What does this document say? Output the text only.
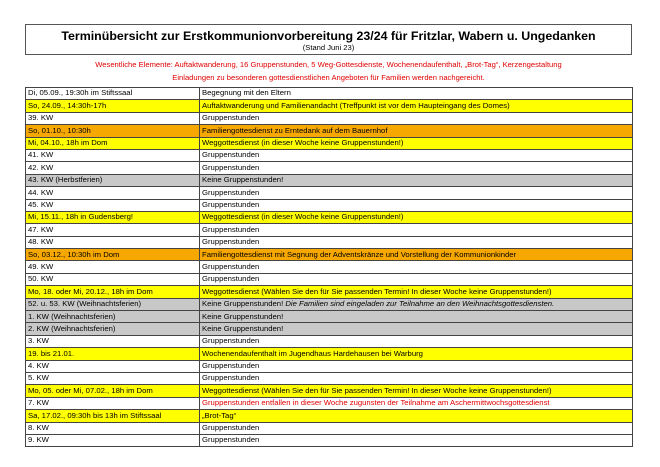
Terminübersicht zur Erstkommunionvorbereitung 23/24 für Fritzlar, Wabern u. Ungedanken
(Stand Juni 23)
Wesentliche Elemente: Auftaktwanderung, 16 Gruppenstunden, 5 Weg-Gottesdienste, Wochenendaufenthalt, „Brot-Tag“, Kerzengestaltung
Einladungen zu besonderen gottesdienstlichen Angeboten für Familien werden nachgereicht.
Di, 05.09., 19:30h im Stiftssaal	Begegnung mit den Eltern
So, 24.09., 14:30h-17h	Auftaktwanderung und Familienandacht (Treffpunkt ist vor dem Haupteingang des Domes)
39. KW	Gruppenstunden
So, 01.10., 10:30h	Familiengottesdienst zu Erntedank auf dem Bauernhof
Mi, 04.10., 18h im Dom	Weggottesdienst (in dieser Woche keine Gruppenstunden!)
41. KW	Gruppenstunden
42. KW	Gruppenstunden
43. KW (Herbstferien)	Keine Gruppenstunden!
44. KW	Gruppenstunden
45. KW	Gruppenstunden
Mi, 15.11., 18h in Gudensberg!	Weggottesdienst (in dieser Woche keine Gruppenstunden!)
47. KW	Gruppenstunden
48. KW	Gruppenstunden
So, 03.12., 10:30h im Dom	Familiengottesdienst mit Segnung der Adventskränze und Vorstellung der Kommunionkinder
49. KW	Gruppenstunden
50. KW	Gruppenstunden
Mo, 18. oder Mi, 20.12., 18h im Dom	Weggottesdienst (Wählen Sie den für Sie passenden Termin! In dieser Woche keine Gruppenstunden!)
52. u. 53. KW (Weihnachtsferien)	Keine Gruppenstunden! Die Familien sind eingeladen zur Teilnahme an den Weihnachtsgottesdiensten.
1. KW (Weihnachtsferien)	Keine Gruppenstunden!
2. KW (Weihnachtsferien)	Keine Gruppenstunden!
3. KW	Gruppenstunden
19. bis 21.01.	Wochenendaufenthalt im Jugendhaus Hardehausen bei Warburg
4. KW	Gruppenstunden
5. KW	Gruppenstunden
Mo, 05. oder Mi, 07.02., 18h im Dom	Weggottesdienst (Wählen Sie den für Sie passenden Termin! In dieser Woche keine Gruppenstunden!)
7. KW	Gruppenstunden entfallen in dieser Woche zugunsten der Teilnahme am Aschermittwochsgottesdienst
Sa, 17.02., 09:30h bis 13h im Stiftssaal	„Brot-Tag“
8. KW	Gruppenstunden
9. KW	Gruppenstunden
